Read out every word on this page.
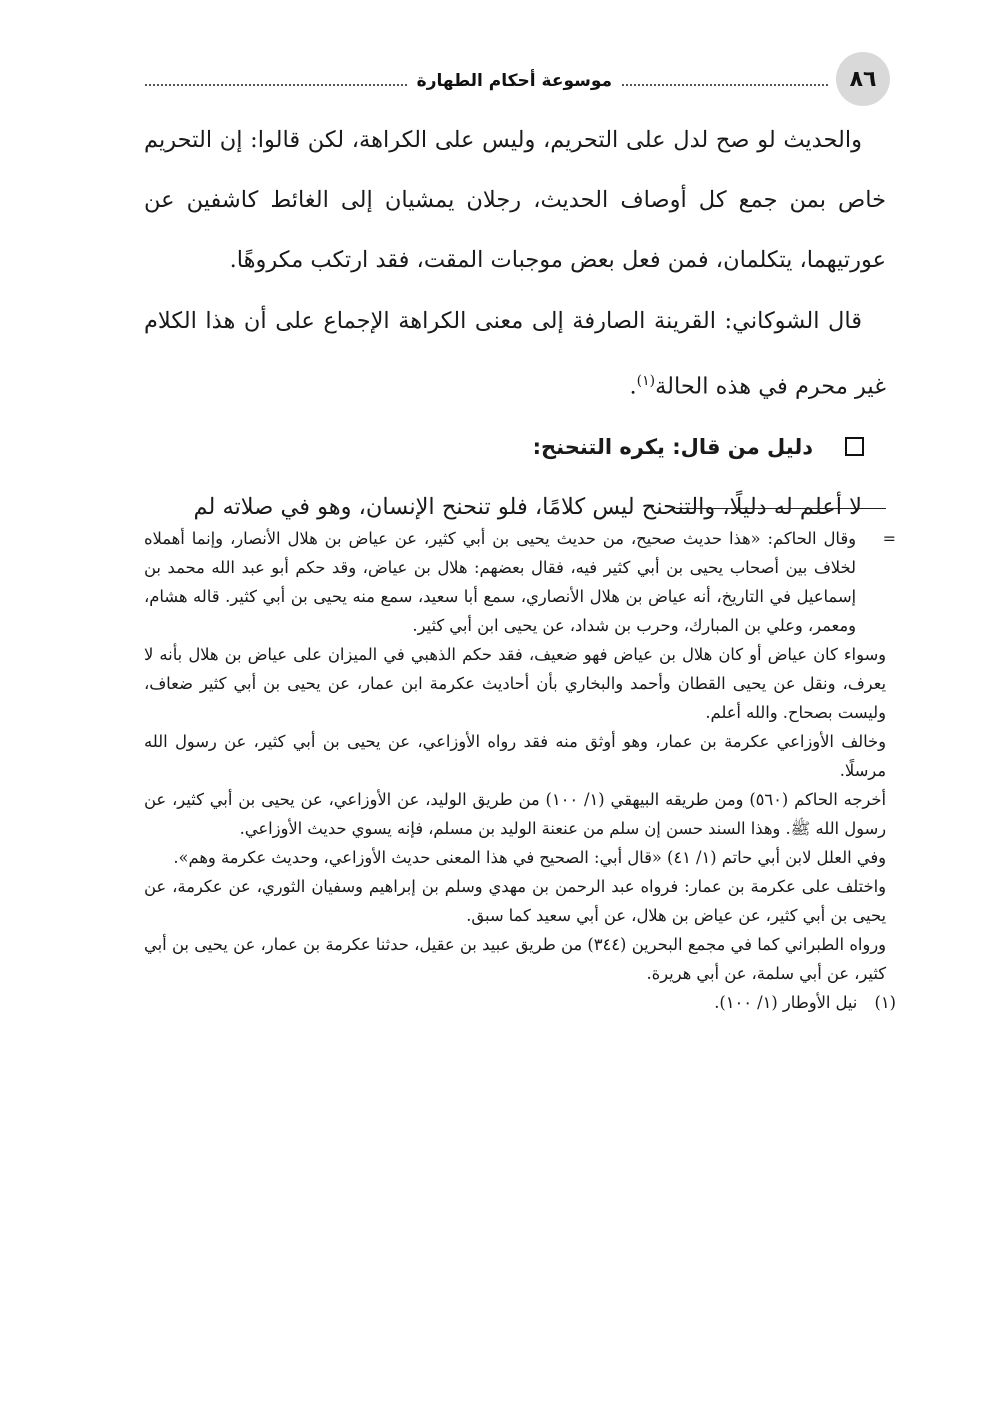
٨٦
موسوعة أحكام الطهارة

والحديث لو صح لدل على التحريم، وليس على الكراهة، لكن قالوا: إن التحريم خاص بمن جمع كل أوصاف الحديث، رجلان يمشيان إلى الغائط كاشفين عن عورتيهما، يتكلمان، فمن فعل بعض موجبات المقت، فقد ارتكب مكروهًا.

قال الشوكاني: القرينة الصارفة إلى معنى الكراهة الإجماع على أن هذا الكلام غير محرم في هذه الحالة$^{(١)}$.

دليل من قال: يكره التنحنح:

لا أعلم له دليلًا، والتنحنح ليس كلامًا، فلو تنحنح الإنسان، وهو في صلاته لم

=
وقال الحاكم: «هذا حديث صحيح، من حديث يحيى بن أبي كثير، عن عياض بن هلال الأنصار، وإنما أهملاه لخلاف بين أصحاب يحيى بن أبي كثير فيه، فقال بعضهم: هلال بن عياض، وقد حكم أبو عبد الله محمد بن إسماعيل في التاريخ، أنه عياض بن هلال الأنصاري، سمع أبا سعيد، سمع منه يحيى بن أبي كثير. قاله هشام، ومعمر، وعلي بن المبارك، وحرب بن شداد، عن يحيى ابن أبي كثير.

وسواء كان عياض أو كان هلال بن عياض فهو ضعيف، فقد حكم الذهبي في الميزان على عياض بن هلال بأنه لا يعرف، ونقل عن يحيى القطان وأحمد والبخاري بأن أحاديث عكرمة ابن عمار، عن يحيى بن أبي كثير ضعاف، وليست بصحاح. والله أعلم.

وخالف الأوزاعي عكرمة بن عمار، وهو أوثق منه فقد رواه الأوزاعي، عن يحيى بن أبي كثير، عن رسول الله مرسلًا.

أخرجه الحاكم (٥٦٠) ومن طريقه البيهقي (١/ ١٠٠) من طريق الوليد، عن الأوزاعي، عن يحيى بن أبي كثير، عن رسول الله ﷺ. وهذا السند حسن إن سلم من عنعنة الوليد بن مسلم، فإنه يسوي حديث الأوزاعي.

وفي العلل لابن أبي حاتم (١/ ٤١) «قال أبي: الصحيح في هذا المعنى حديث الأوزاعي، وحديث عكرمة وهم».

واختلف على عكرمة بن عمار: فرواه عبد الرحمن بن مهدي وسلم بن إبراهيم وسفيان الثوري، عن عكرمة، عن يحيى بن أبي كثير، عن عياض بن هلال، عن أبي سعيد كما سبق.

ورواه الطبراني كما في مجمع البحرين (٣٤٤) من طريق عبيد بن عقيل، حدثنا عكرمة بن عمار، عن يحيى بن أبي كثير، عن أبي سلمة، عن أبي هريرة.

(١) نيل الأوطار (١/ ١٠٠).
